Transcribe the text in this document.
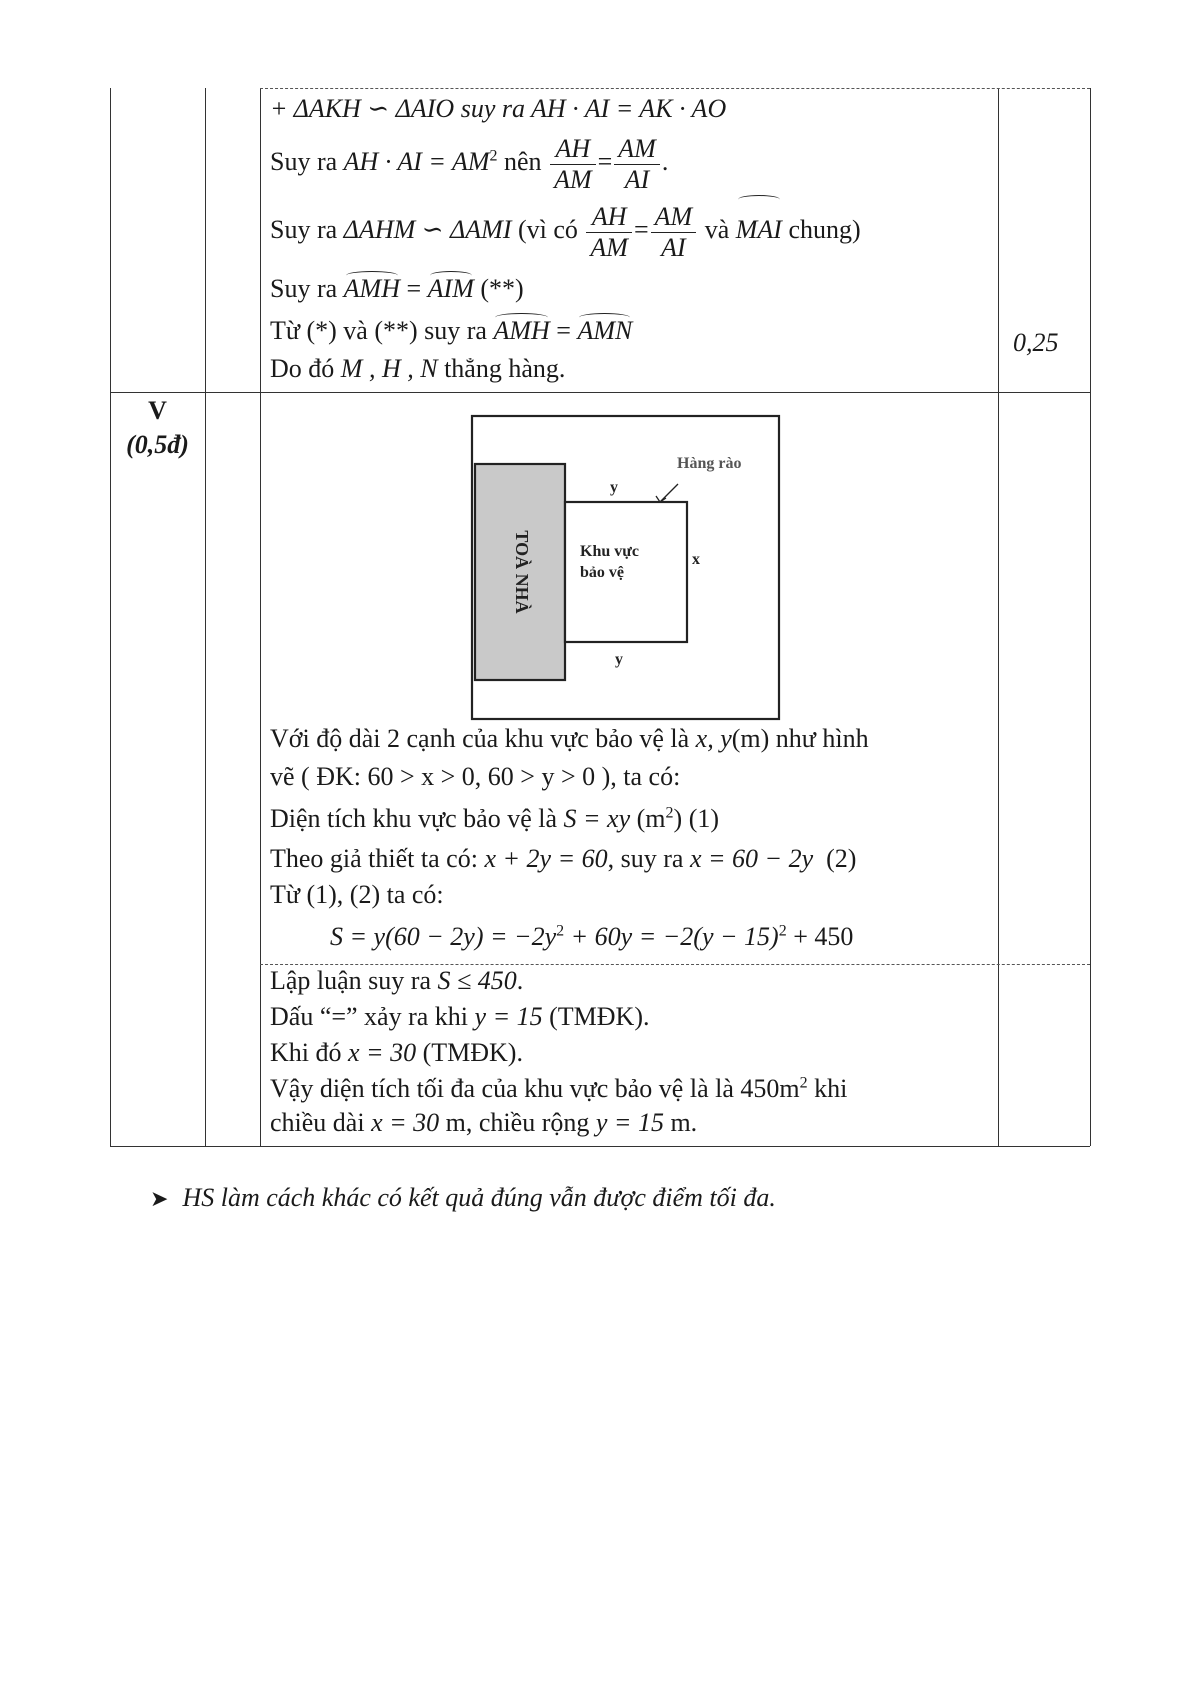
+ ΔAKH ∽ ΔAIO suy ra AH · AI = AK · AO
Suy ra AH · AI = $AM^2$ nên $\frac{AH}{AM} = \frac{AM}{AI}$ .
Suy ra ΔAHM ∽ ΔAMI (vì có $\frac{AH}{AM} = \frac{AM}{AI}$ và MAI chung)
Suy ra AMH = AIM (**)
Từ (*) và (**) suy ra AMH = AMN
Do đó M , H , N thẳng hàng.
0,25
V
(0,5đ)
TOÀ NHÀ	Khu vực
bảo vệ
Hàng rào
y
y
x
Với độ dài 2 cạnh của khu vực bảo vệ là x, y(m) như hình
vẽ ( ĐK: 60 > x > 0, 60 > y > 0 ), ta có:
Diện tích khu vực bảo vệ là S = xy $(m^2)$ (1)
Theo giả thiết ta có: x + 2y = 60, suy ra x = 60 − 2y (2)
Từ (1), (2) ta có:
$S = y(60 - 2y) = -2y^2 + 60y = -2(y - 15)^2 + 450$
Lập luận suy ra S ≤ 450.
Dấu “=” xảy ra khi y = 15 (TMĐK).
Khi đó x = 30 (TMĐK).
Vậy diện tích tối đa của khu vực bảo vệ là là $450m^2$ khi
chiều dài x = 30 m, chiều rộng y = 15 m.
➤ HS làm cách khác có kết quả đúng vẫn được điểm tối đa.
